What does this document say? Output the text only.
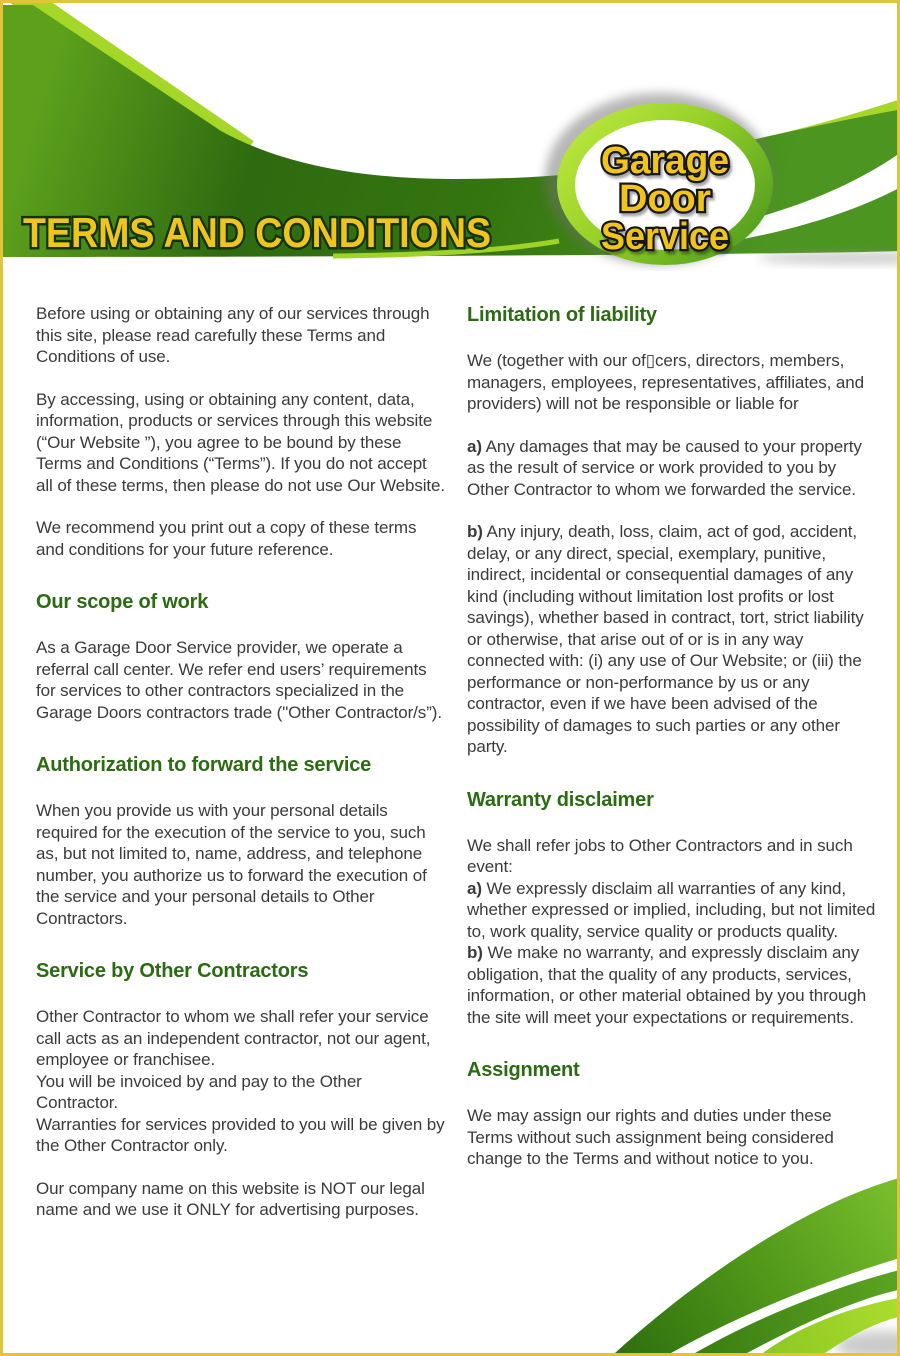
Garage
Door
Service
TERMS AND CONDITIONS

Before using or obtaining any of our services through this site, please read carefully these Terms and Conditions of use.

By accessing, using or obtaining any content, data, information, products or services through this website (“Our Website ”), you agree to be bound by these Terms and Conditions (“Terms”). If you do not accept all of these terms, then please do not use Our Website.

We recommend you print out a copy of these terms and conditions for your future reference.

Our scope of work

As a Garage Door Service provider, we operate a referral call center. We refer end users’ requirements for services to other contractors specialized in the Garage Doors contractors trade ("Other Contractor/s”).

Authorization to forward the service

When you provide us with your personal details required for the execution of the service to you, such as, but not limited to, name, address, and telephone number, you authorize us to forward the execution of the service and your personal details to Other Contractors.

Service by Other Contractors

Other Contractor to whom we shall refer your service call acts as an independent contractor, not our agent, employee or franchisee.

You will be invoiced by and pay to the Other Contractor.

Warranties for services provided to you will be given by the Other Contractor only.

Our company name on this website is NOT our legal name and we use it ONLY for advertising purposes.

Limitation of liability

We (together with our of▯cers, directors, members, managers, employees, representatives, affiliates, and providers) will not be responsible or liable for

a) Any damages that may be caused to your property as the result of service or work provided to you by Other Contractor to whom we forwarded the service.

b) Any injury, death, loss, claim, act of god, accident, delay, or any direct, special, exemplary, punitive, indirect, incidental or consequential damages of any kind (including without limitation lost profits or lost savings), whether based in contract, tort, strict liability or otherwise, that arise out of or is in any way connected with: (i) any use of Our Website; or (iii) the performance or non-performance by us or any contractor, even if we have been advised of the possibility of damages to such parties or any other party.

Warranty disclaimer

We shall refer jobs to Other Contractors and in such event:

a) We expressly disclaim all warranties of any kind, whether expressed or implied, including, but not limited to, work quality, service quality or products quality.

b) We make no warranty, and expressly disclaim any obligation, that the quality of any products, services, information, or other material obtained by you through the site will meet your expectations or requirements.

Assignment

We may assign our rights and duties under these Terms without such assignment being considered change to the Terms and without notice to you.
